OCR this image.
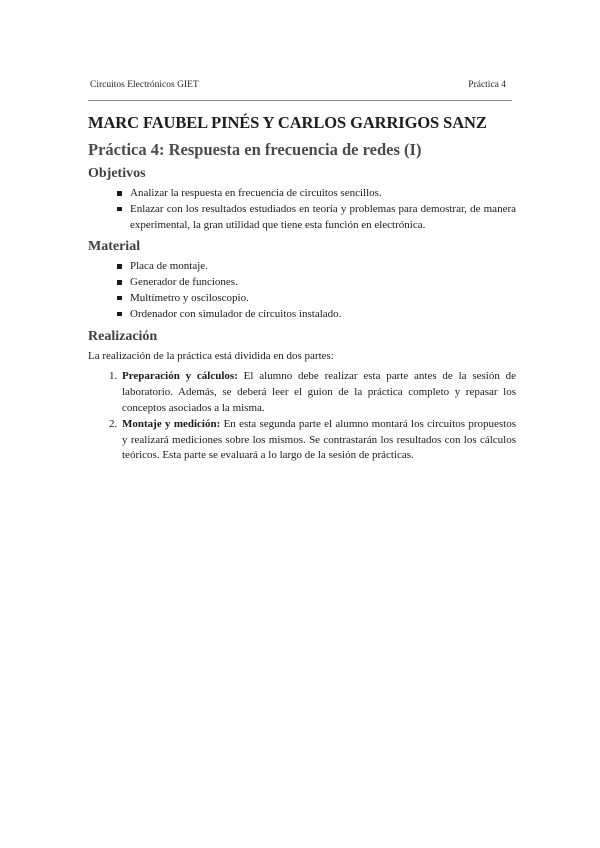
Circuitos Electrónicos GIET	Práctica 4
MARC FAUBEL PINÉS Y CARLOS GARRIGOS SANZ
Práctica 4: Respuesta en frecuencia de redes (I)
Objetivos
Analizar la respuesta en frecuencia de circuitos sencillos.
Enlazar con los resultados estudiados en teoría y problemas para demostrar, de manera experimental, la gran utilidad que tiene esta función en electrónica.
Material
Placa de montaje.
Generador de funciones.
Multímetro y osciloscopio.
Ordenador con simulador de circuitos instalado.
Realización

La realización de la práctica está dividida en dos partes:

1. Preparación y cálculos: El alumno debe realizar esta parte antes de la sesión de laboratorio. Además, se deberá leer el guion de la práctica completo y repasar los conceptos asociados a la misma.
2. Montaje y medición: En esta segunda parte el alumno montará los circuitos propuestos y realizará mediciones sobre los mismos. Se contrastarán los resultados con los cálculos teóricos. Esta parte se evaluará a lo largo de la sesión de prácticas.
